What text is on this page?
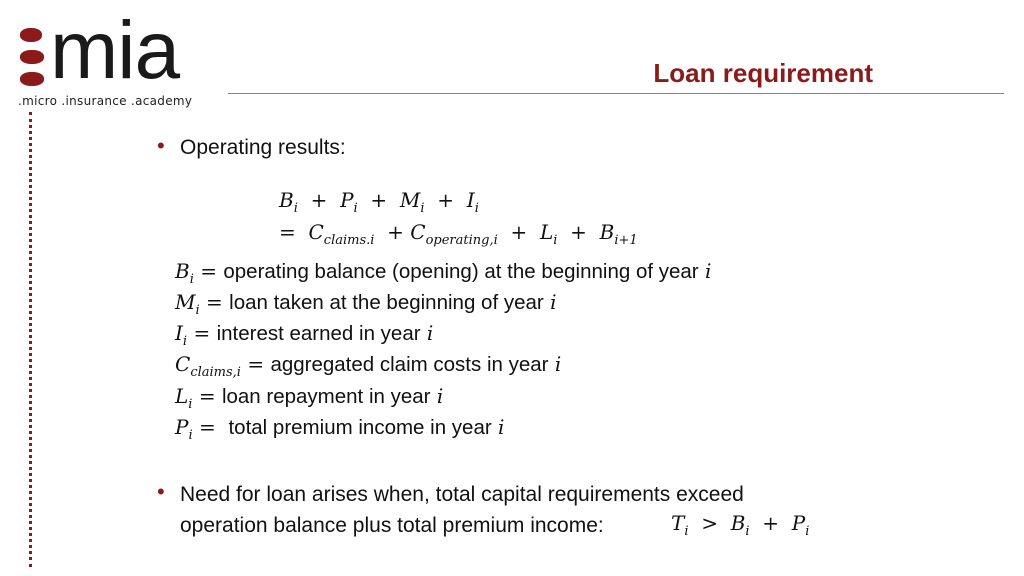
mia
.micro .insurance .academy
Loan requirement
• Operating results:
$B_i + P_i + M_i + I_i$
=  $C_{claims.i} + C_{operating,i} + L_i + B_{i+1}$
$B_i$ = operating balance (opening) at the beginning of year i
$M_i$ = loan taken at the beginning of year i
$I_i$ = interest earned in year i
$C_{claims,i}$ = aggregated claim costs in year i
$L_i$ = loan repayment in year i
$P_i$ =  total premium income in year i
• Need for loan arises when, total capital requirements exceed
operation balance plus total premium income:	$T_i > B_i + P_i$
